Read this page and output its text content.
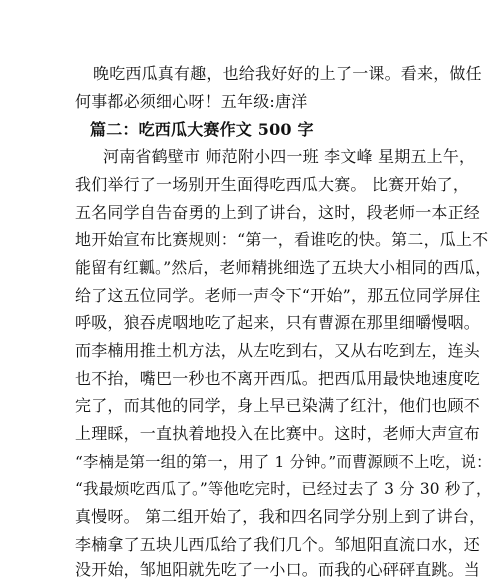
晚吃西瓜真有趣，也给我好好的上了一课。看来，做任
何事都必须细心呀！五年级:唐洋
篇二：吃西瓜大赛作文 500 字
河南省鹤壁市 师范附小四一班 李文峰 星期五上午，
我们举行了一场别开生面得吃西瓜大赛。 比赛开始了，
五名同学自告奋勇的上到了讲台，这时，段老师一本正经
地开始宣布比赛规则：“第一，看谁吃的快。第二，瓜上不
能留有红瓤。”然后，老师精挑细选了五块大小相同的西瓜，
给了这五位同学。老师一声令下“开始”，那五位同学屏住
呼吸，狼吞虎咽地吃了起来，只有曹源在那里细嚼慢咽。
而李楠用推土机方法，从左吃到右，又从右吃到左，连头
也不抬，嘴巴一秒也不离开西瓜。把西瓜用最快地速度吃
完了，而其他的同学，身上早已染满了红汁，他们也顾不
上理睬，一直执着地投入在比赛中。这时，老师大声宣布
“李楠是第一组的第一，用了 1 分钟。”而曹源顾不上吃，说：
“我最烦吃西瓜了。”等他吃完时，已经过去了 3 分 30 秒了，
真慢呀。 第二组开始了，我和四名同学分别上到了讲台，
李楠拿了五块儿西瓜给了我们几个。邹旭阳直流口水，还
没开始，邹旭阳就先吃了一小口。而我的心砰砰直跳。当
